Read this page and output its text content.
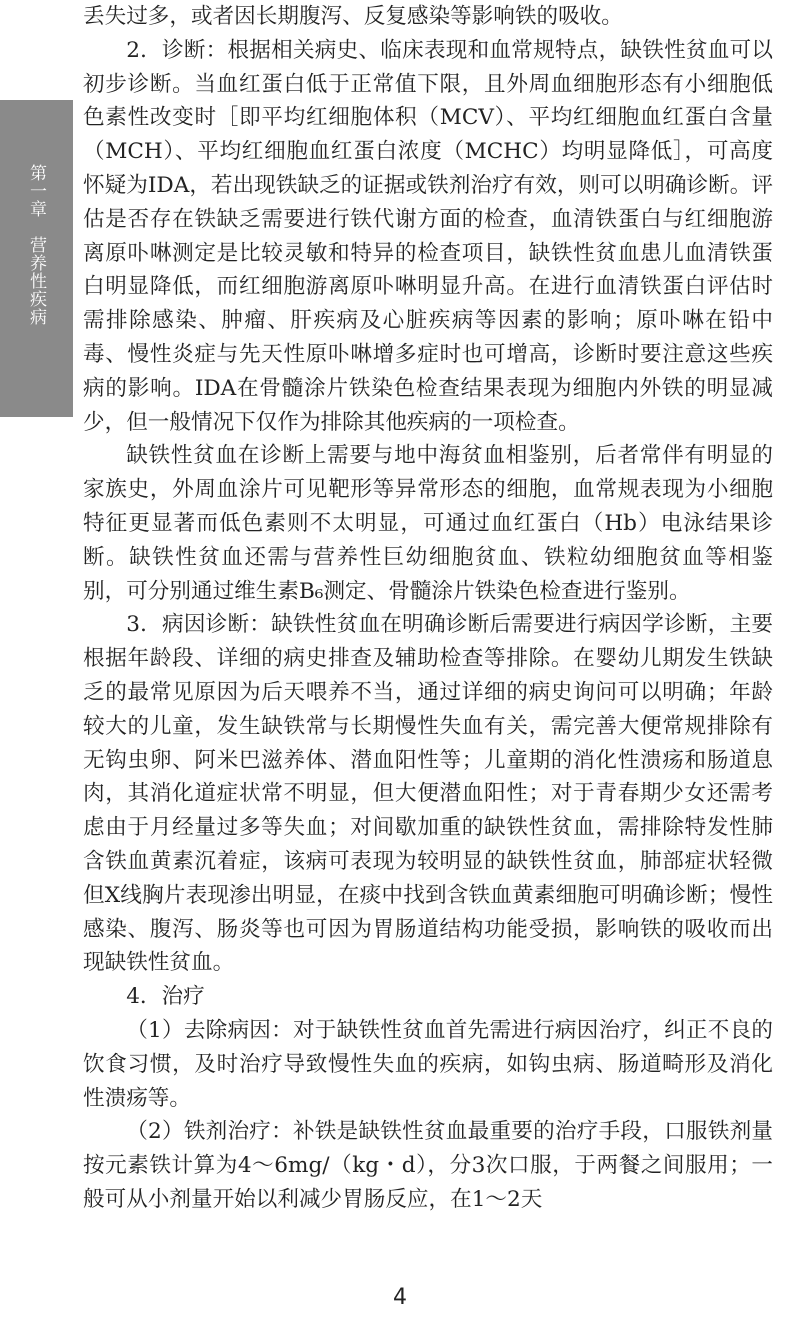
第一章　营养性疾病

丢失过多，或者因长期腹泻、反复感染等影响铁的吸收。

2．诊断：根据相关病史、临床表现和血常规特点，缺铁性贫血可以初步诊断。当血红蛋白低于正常值下限，且外周血细胞形态有小细胞低色素性改变时［即平均红细胞体积（MCV）、平均红细胞血红蛋白含量（MCH）、平均红细胞血红蛋白浓度（MCHC）均明显降低］，可高度怀疑为IDA，若出现铁缺乏的证据或铁剂治疗有效，则可以明确诊断。评估是否存在铁缺乏需要进行铁代谢方面的检查，血清铁蛋白与红细胞游离原卟啉测定是比较灵敏和特异的检查项目，缺铁性贫血患儿血清铁蛋白明显降低，而红细胞游离原卟啉明显升高。在进行血清铁蛋白评估时需排除感染、肿瘤、肝疾病及心脏疾病等因素的影响；原卟啉在铅中毒、慢性炎症与先天性原卟啉增多症时也可增高，诊断时要注意这些疾病的影响。IDA在骨髓涂片铁染色检查结果表现为细胞内外铁的明显减少，但一般情况下仅作为排除其他疾病的一项检查。

缺铁性贫血在诊断上需要与地中海贫血相鉴别，后者常伴有明显的家族史，外周血涂片可见靶形等异常形态的细胞，血常规表现为小细胞特征更显著而低色素则不太明显，可通过血红蛋白（Hb）电泳结果诊断。缺铁性贫血还需与营养性巨幼细胞贫血、铁粒幼细胞贫血等相鉴别，可分别通过维生素B₆测定、骨髓涂片铁染色检查进行鉴别。

3．病因诊断：缺铁性贫血在明确诊断后需要进行病因学诊断，主要根据年龄段、详细的病史排查及辅助检查等排除。在婴幼儿期发生铁缺乏的最常见原因为后天喂养不当，通过详细的病史询问可以明确；年龄较大的儿童，发生缺铁常与长期慢性失血有关，需完善大便常规排除有无钩虫卵、阿米巴滋养体、潜血阳性等；儿童期的消化性溃疡和肠道息肉，其消化道症状常不明显，但大便潜血阳性；对于青春期少女还需考虑由于月经量过多等失血；对间歇加重的缺铁性贫血，需排除特发性肺含铁血黄素沉着症，该病可表现为较明显的缺铁性贫血，肺部症状轻微但X线胸片表现渗出明显，在痰中找到含铁血黄素细胞可明确诊断；慢性感染、腹泻、肠炎等也可因为胃肠道结构功能受损，影响铁的吸收而出现缺铁性贫血。

4．治疗

（1）去除病因：对于缺铁性贫血首先需进行病因治疗，纠正不良的饮食习惯，及时治疗导致慢性失血的疾病，如钩虫病、肠道畸形及消化性溃疡等。

（2）铁剂治疗：补铁是缺铁性贫血最重要的治疗手段，口服铁剂量按元素铁计算为4～6mg/（kg・d），分3次口服，于两餐之间服用；一般可从小剂量开始以利减少胃肠反应，在1～2天

4
